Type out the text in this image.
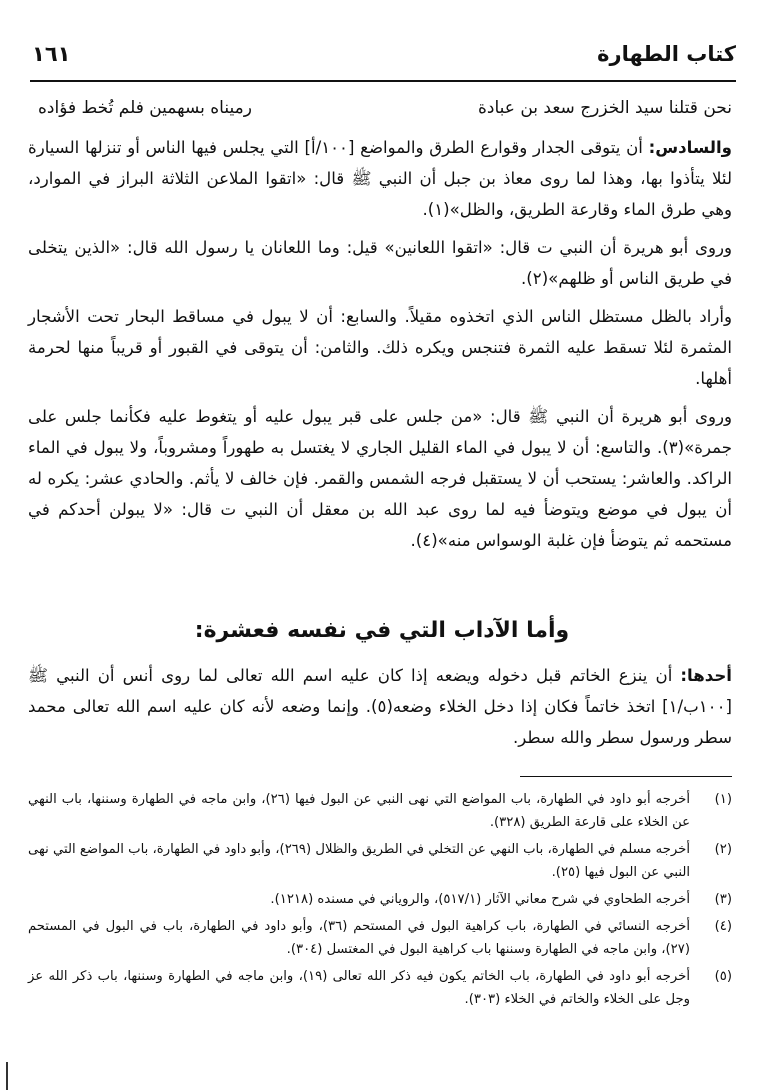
كتاب الطهارة
١٦١
نحن قتلنا سيد الخزرج سعد بن عبادة
رميناه بسهمين فلم تُخط فؤاده

والسادس: أن يتوقى الجدار وقوارع الطرق والمواضع [١٠٠/أ] التي يجلس فيها الناس أو تنزلها السيارة لئلا يتأذوا بها، وهذا لما روى معاذ بن جبل أن النبي ﷺ قال: «اتقوا الملاعن الثلاثة البراز في الموارد، وهي طرق الماء وقارعة الطريق، والظل»(١).

وروى أبو هريرة أن النبي ت قال: «اتقوا اللعانين» قيل: وما اللعانان يا رسول الله قال: «الذين يتخلى في طريق الناس أو ظلهم»(٢).

وأراد بالظل مستظل الناس الذي اتخذوه مقيلاً. والسابع: أن لا يبول في مساقط البحار تحت الأشجار المثمرة لئلا تسقط عليه الثمرة فتنجس ويكره ذلك. والثامن: أن يتوقى في القبور أو قريباً منها لحرمة أهلها.

وروى أبو هريرة أن النبي ﷺ قال: «من جلس على قبر يبول عليه أو يتغوط عليه فكأنما جلس على جمرة»(٣). والتاسع: أن لا يبول في الماء القليل الجاري لا يغتسل به طهوراً ومشروباً، ولا يبول في الماء الراكد. والعاشر: يستحب أن لا يستقبل فرجه الشمس والقمر. فإن خالف لا يأثم. والحادي عشر: يكره له أن يبول في موضع ويتوضأ فيه لما روى عبد الله بن معقل أن النبي ت قال: «لا يبولن أحدكم في مستحمه ثم يتوضأ فإن غلبة الوسواس منه»(٤).

وأما الآداب التي في نفسه فعشرة:

أحدها: أن ينزع الخاتم قبل دخوله ويضعه إذا كان عليه اسم الله تعالى لما روى أنس أن النبي ﷺ [١٠٠ب/١] اتخذ خاتماً فكان إذا دخل الخلاء وضعه(٥). وإنما وضعه لأنه كان عليه اسم الله تعالى محمد سطر ورسول سطر والله سطر.

(١)
أخرجه أبو داود في الطهارة، باب المواضع التي نهى النبي عن البول فيها (٢٦)، وابن ماجه في الطهارة وسننها، باب النهي عن الخلاء على قارعة الطريق (٣٢٨).
(٢)
أخرجه مسلم في الطهارة، باب النهي عن التخلي في الطريق والظلال (٢٦٩)، وأبو داود في الطهارة، باب المواضع التي نهى النبي عن البول فيها (٢٥).
(٣)
أخرجه الطحاوي في شرح معاني الآثار (٥١٧/١)، والروياني في مسنده (١٢١٨).
(٤)
أخرجه النسائي في الطهارة، باب كراهية البول في المستحم (٣٦)، وأبو داود في الطهارة، باب في البول في المستحم (٢٧)، وابن ماجه في الطهارة وسننها باب كراهية البول في المغتسل (٣٠٤).
(٥)
أخرجه أبو داود في الطهارة، باب الخاتم يكون فيه ذكر الله تعالى (١٩)، وابن ماجه في الطهارة وسننها، باب ذكر الله عز وجل على الخلاء والخاتم في الخلاء (٣٠٣).
